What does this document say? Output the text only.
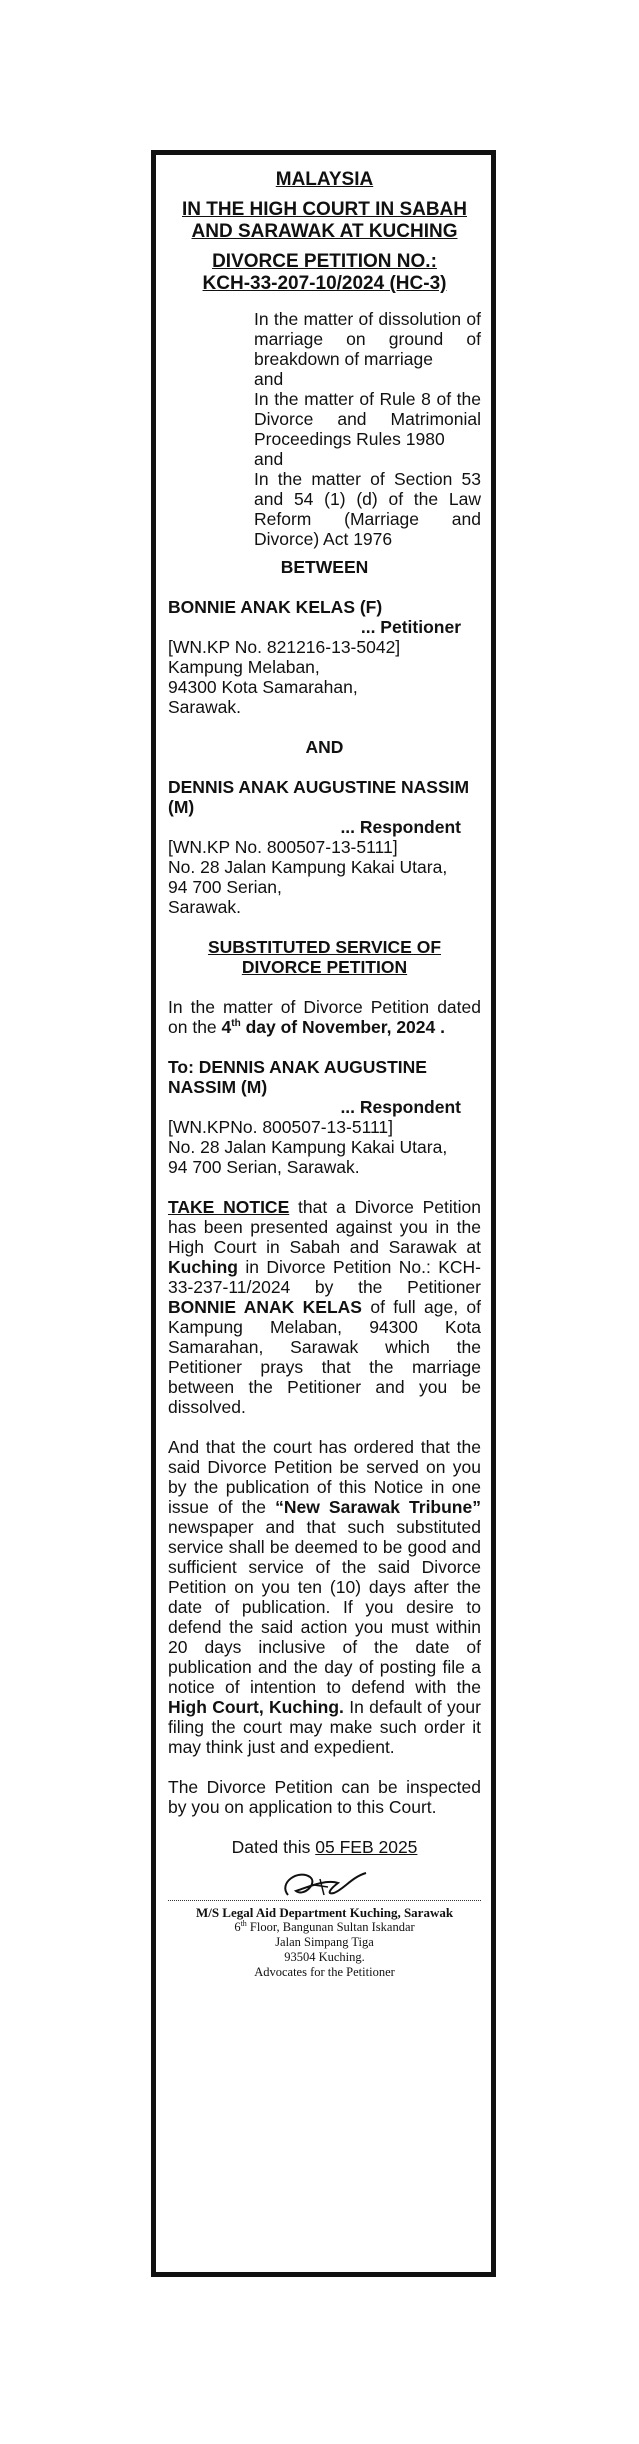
MALAYSIA
IN THE HIGH COURT IN SABAH
AND SARAWAK AT KUCHING
DIVORCE PETITION NO.:
KCH-33-207-10/2024 (HC-3)
In the matter of dissolution of marriage on ground of breakdown of marriage
and
In the matter of Rule 8 of the Divorce and Matrimonial Proceedings Rules 1980
and
In the matter of Section 53 and 54 (1) (d) of the Law Reform (Marriage and Divorce) Act 1976
BETWEEN
BONNIE ANAK KELAS (F)
... Petitioner
[WN.KP No. 821216-13-5042]
Kampung Melaban,
94300 Kota Samarahan,
Sarawak.
AND
DENNIS ANAK AUGUSTINE NASSIM (M)
... Respondent
[WN.KP No. 800507-13-5111]
No. 28 Jalan Kampung Kakai Utara,
94 700 Serian,
Sarawak.
SUBSTITUTED SERVICE OF
DIVORCE PETITION
In the matter of Divorce Petition dated on the 4th day of November, 2024 .
To: DENNIS ANAK AUGUSTINE NASSIM (M)
... Respondent
[WN.KPNo. 800507-13-5111]
No. 28 Jalan Kampung Kakai Utara,
94 700 Serian, Sarawak.
TAKE NOTICE that a Divorce Petition has been presented against you in the High Court in Sabah and Sarawak at Kuching in Divorce Petition No.: KCH-33-237-11/2024 by the Petitioner BONNIE ANAK KELAS of full age, of Kampung Melaban, 94300 Kota Samarahan, Sarawak which the Petitioner prays that the marriage between the Petitioner and you be dissolved.
And that the court has ordered that the said Divorce Petition be served on you by the publication of this Notice in one issue of the “New Sarawak Tribune” newspaper and that such substituted service shall be deemed to be good and sufficient service of the said Divorce Petition on you ten (10) days after the date of publication. If you desire to defend the said action you must within 20 days inclusive of the date of publication and the day of posting file a notice of intention to defend with the High Court, Kuching. In default of your filing the court may make such order it may think just and expedient.
The Divorce Petition can be inspected by you on application to this Court.
Dated this 05 FEB 2025
M/S Legal Aid Department Kuching, Sarawak
6th Floor, Bangunan Sultan Iskandar
Jalan Simpang Tiga
93504 Kuching.
Advocates for the Petitioner
